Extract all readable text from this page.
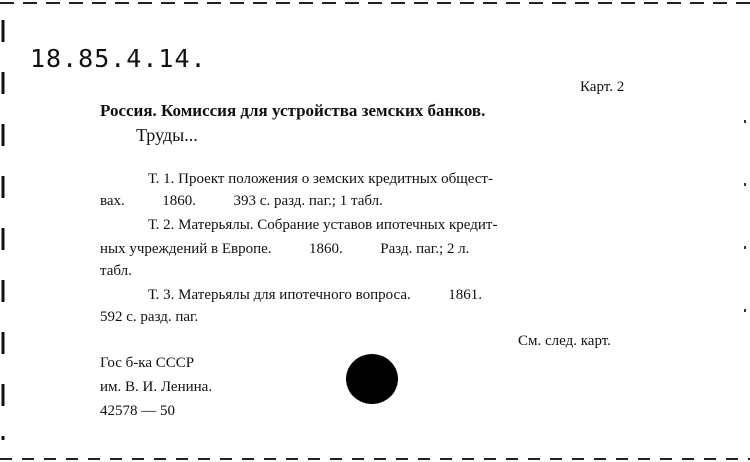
18.85.4.14.
Карт. 2
Россия. Комиссия для устройства земских банков.
Труды...
Т. 1. Проект положения о земских кредитных общест-
вах.          1860.          393 с. разд. паг.; 1 табл.
Т. 2. Матерьялы. Собрание уставов ипотечных кредит-
ных учреждений в Европе.          1860.          Разд. паг.; 2 л.
табл.
Т. 3. Матерьялы для ипотечного вопроса.          1861.
592 с. разд. паг.
См. след. карт.
Гос б-ка СССР
им. В. И. Ленина.
42578 — 50
